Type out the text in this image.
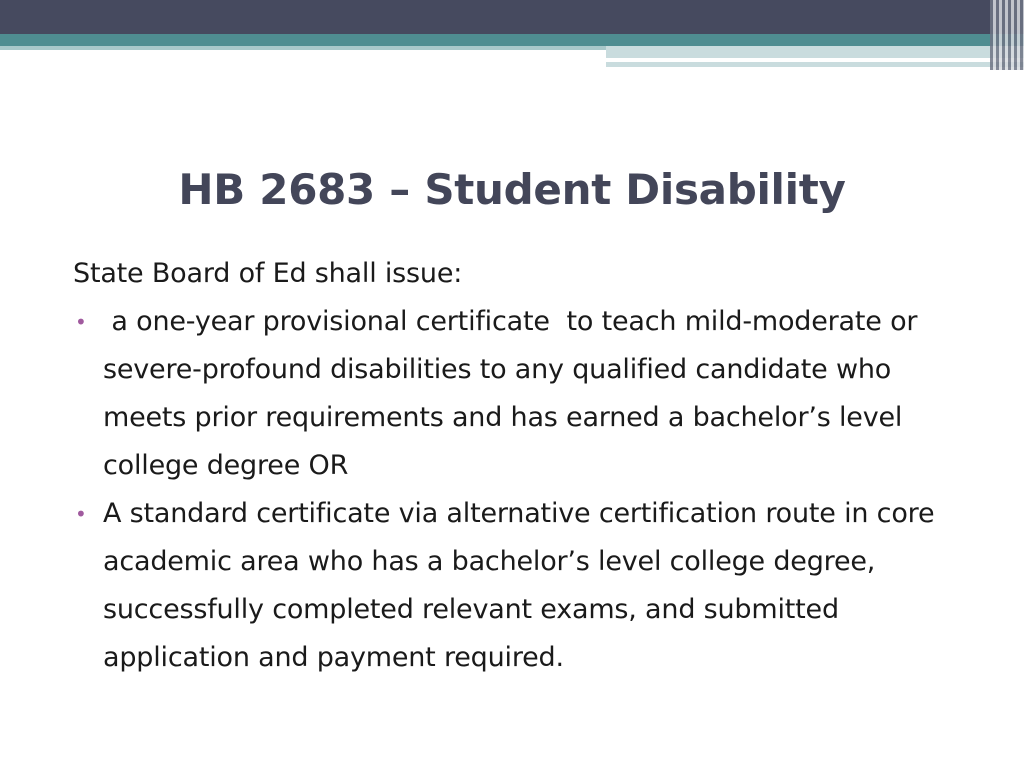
HB 2683 – Student Disability

State Board of Ed shall issue:

• a one-year provisional certificate  to teach mild-moderate or severe-profound disabilities to any qualified candidate who meets prior requirements and has earned a bachelor’s level college degree OR
• A standard certificate via alternative certification route in core academic area who has a bachelor’s level college degree, successfully completed relevant exams, and submitted application and payment required.
